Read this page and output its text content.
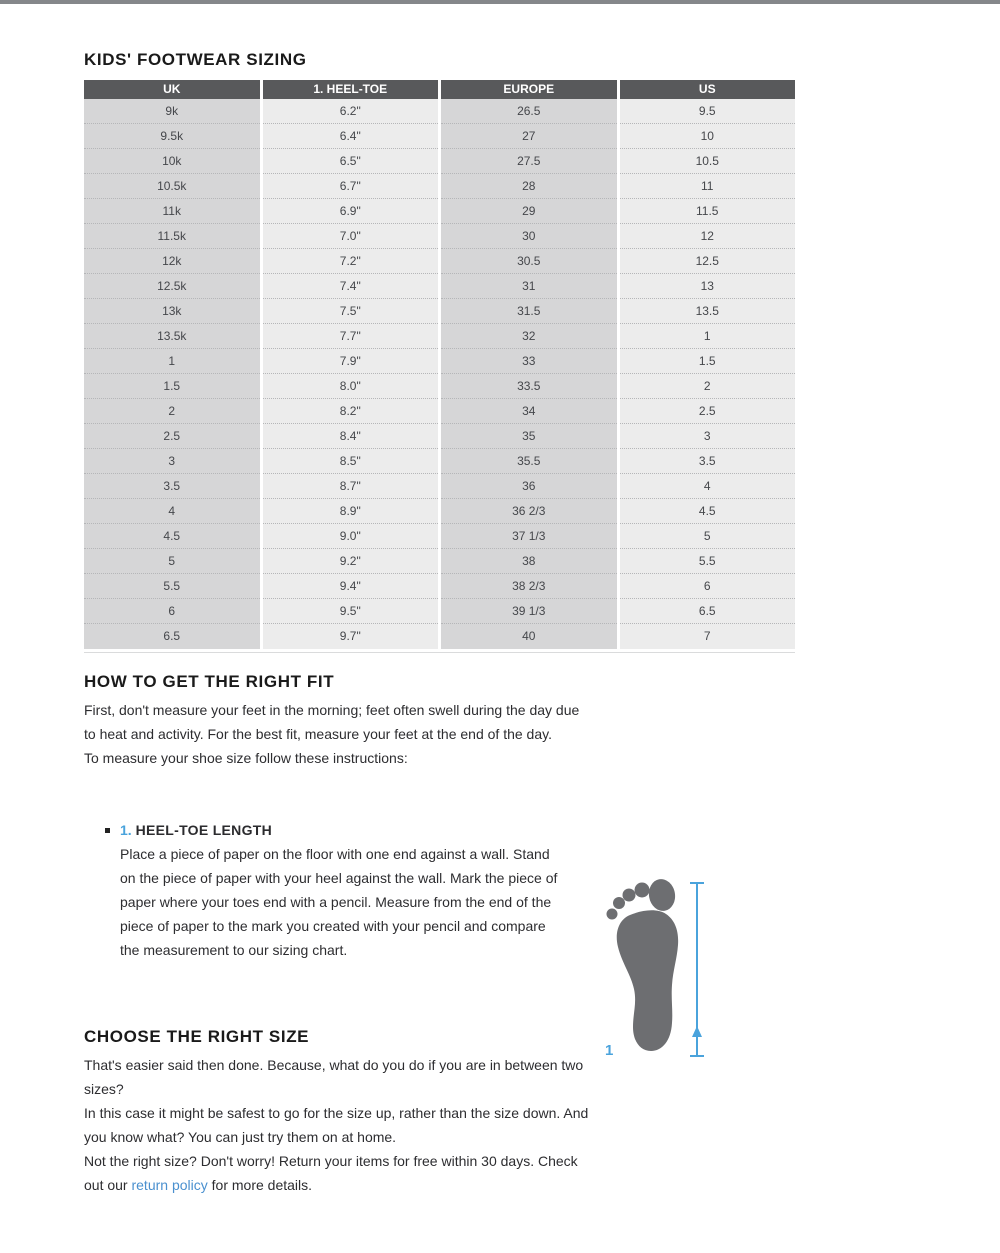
KIDS' FOOTWEAR SIZING
UK	1. HEEL-TOE	EUROPE	US
9k	6.2"	26.5	9.5
9.5k	6.4"	27	10
10k	6.5"	27.5	10.5
10.5k	6.7"	28	11
11k	6.9"	29	11.5
11.5k	7.0"	30	12
12k	7.2"	30.5	12.5
12.5k	7.4"	31	13
13k	7.5"	31.5	13.5
13.5k	7.7"	32	1
1	7.9"	33	1.5
1.5	8.0"	33.5	2
2	8.2"	34	2.5
2.5	8.4"	35	3
3	8.5"	35.5	3.5
3.5	8.7"	36	4
4	8.9"	36 2/3	4.5
4.5	9.0"	37 1/3	5
5	9.2"	38	5.5
5.5	9.4"	38 2/3	6
6	9.5"	39 1/3	6.5
6.5	9.7"	40	7
HOW TO GET THE RIGHT FIT

First, don't measure your feet in the morning; feet often swell during the day due to heat and activity. For the best fit, measure your feet at the end of the day.

To measure your shoe size follow these instructions:

1. HEEL-TOE LENGTH

Place a piece of paper on the floor with one end against a wall. Stand on the piece of paper with your heel against the wall. Mark the piece of paper where your toes end with a pencil. Measure from the end of the piece of paper to the mark you created with your pencil and compare the measurement to our sizing chart.

1
CHOOSE THE RIGHT SIZE

That's easier said then done. Because, what do you do if you are in between two sizes?

In this case it might be safest to go for the size up, rather than the size down. And you know what? You can just try them on at home.

Not the right size? Don't worry! Return your items for free within 30 days. Check out our return policy for more details.
